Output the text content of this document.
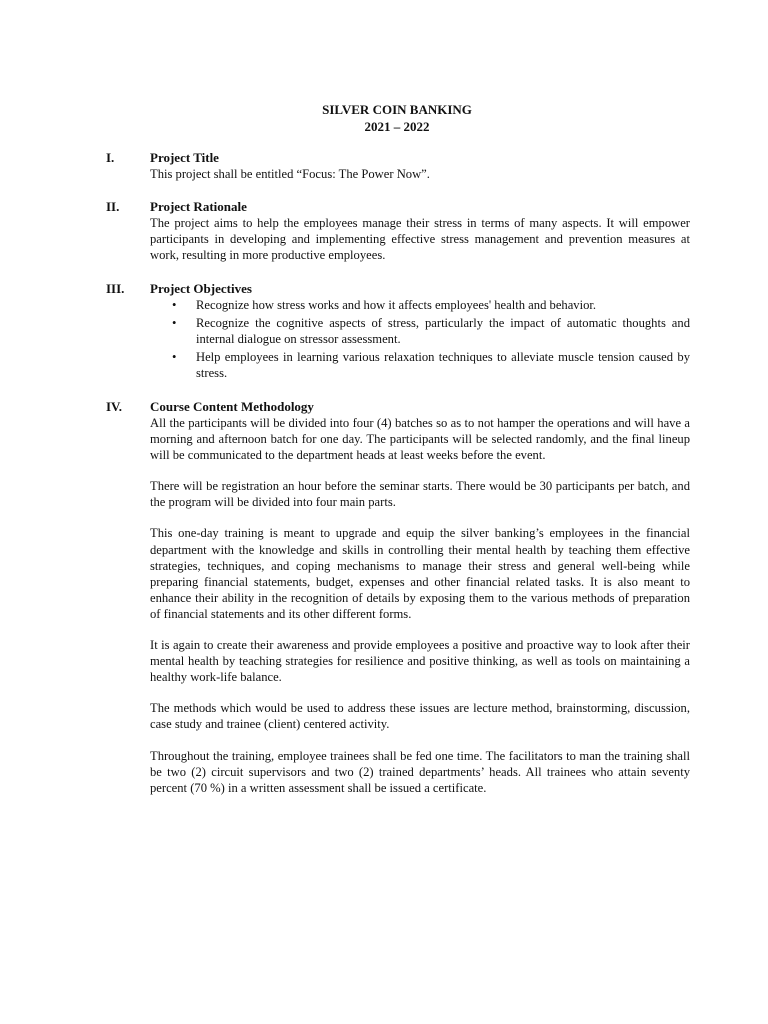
SILVER COIN BANKING
2021 – 2022
I.	Project Title

This project shall be entitled “Focus: The Power Now”.

II. Project Rationale

The project aims to help the employees manage their stress in terms of many aspects. It will empower participants in developing and implementing effective stress management and prevention measures at work, resulting in more productive employees.

III. Project Objectives
• Recognize how stress works and how it affects employees' health and behavior.
• Recognize the cognitive aspects of stress, particularly the impact of automatic thoughts and internal dialogue on stressor assessment.
• Help employees in learning various relaxation techniques to alleviate muscle tension caused by stress.
IV. Course Content Methodology

All the participants will be divided into four (4) batches so as to not hamper the operations and will have a morning and afternoon batch for one day. The participants will be selected randomly, and the final lineup will be communicated to the department heads at least weeks before the event.

There will be registration an hour before the seminar starts. There would be 30 participants per batch, and the program will be divided into four main parts.

This one-day training is meant to upgrade and equip the silver banking’s employees in the financial department with the knowledge and skills in controlling their mental health by teaching them effective strategies, techniques, and coping mechanisms to manage their stress and general well-being while preparing financial statements, budget, expenses and other financial related tasks. It is also meant to enhance their ability in the recognition of details by exposing them to the various methods of preparation of financial statements and its other different forms.

It is again to create their awareness and provide employees a positive and proactive way to look after their mental health by teaching strategies for resilience and positive thinking, as well as tools on maintaining a healthy work-life balance.

The methods which would be used to address these issues are lecture method, brainstorming, discussion, case study and trainee (client) centered activity.

Throughout the training, employee trainees shall be fed one time. The facilitators to man the training shall be two (2) circuit supervisors and two (2) trained departments’ heads. All trainees who attain seventy percent (70 %) in a written assessment shall be issued a certificate.
